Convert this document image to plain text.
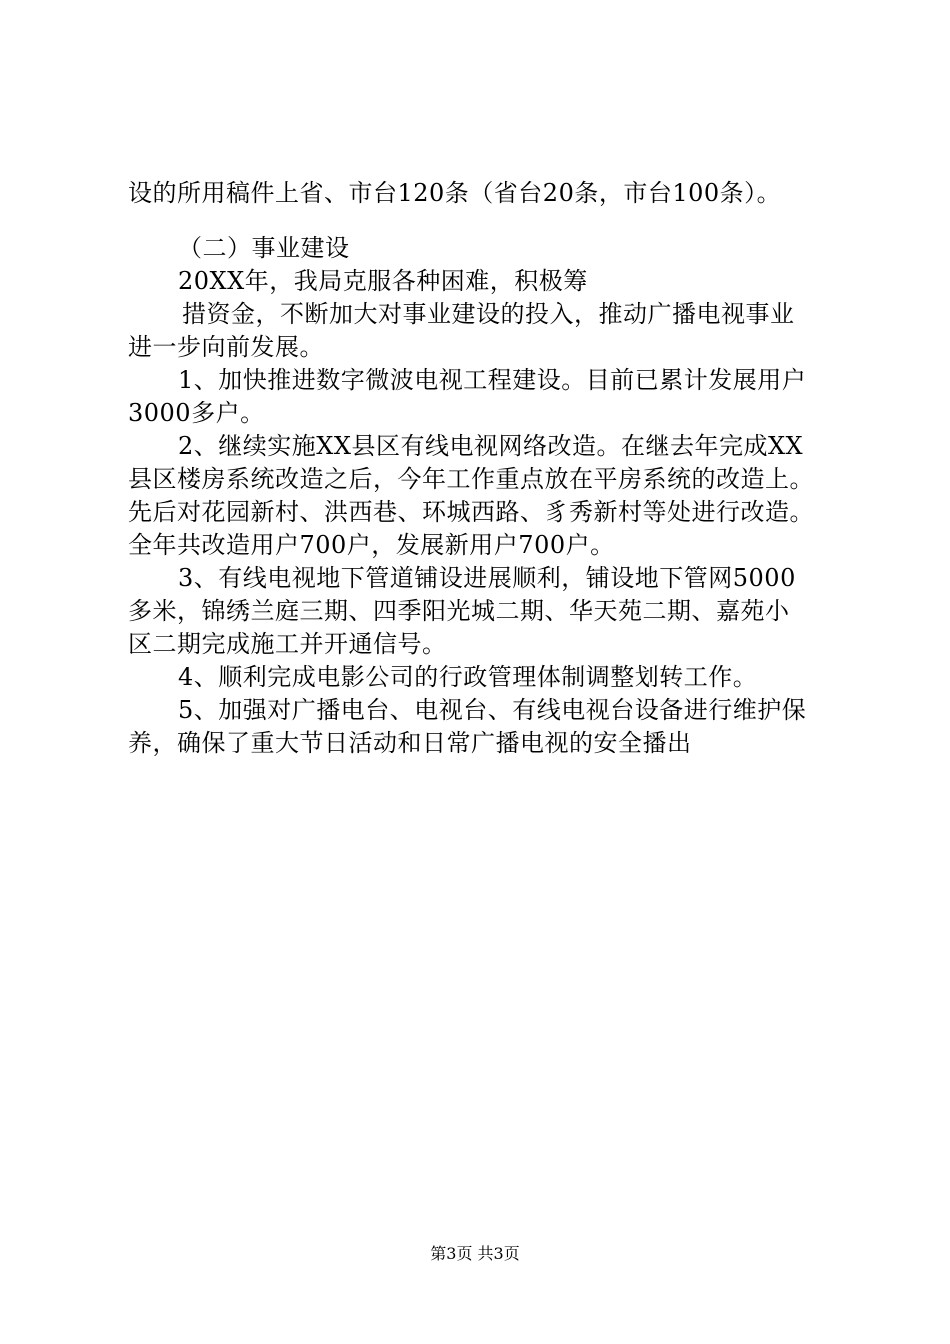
设的所用稿件上省、市台120条（省台20条，市台100条）。
（二）事业建设
20XX年，我局克服各种困难，积极筹
措资金，不断加大对事业建设的投入，推动广播电视事业
进一步向前发展。
1、加快推进数字微波电视工程建设。目前已累计发展用户
3000多户。
2、继续实施XX县区有线电视网络改造。在继去年完成XX
县区楼房系统改造之后，今年工作重点放在平房系统的改造上。
先后对花园新村、洪西巷、环城西路、豸秀新村等处进行改造。
全年共改造用户700户，发展新用户700户。
3、有线电视地下管道铺设进展顺利，铺设地下管网5000
多米，锦绣兰庭三期、四季阳光城二期、华天苑二期、嘉苑小
区二期完成施工并开通信号。
4、顺利完成电影公司的行政管理体制调整划转工作。
5、加强对广播电台、电视台、有线电视台设备进行维护保
养，确保了重大节日活动和日常广播电视的安全播出
第3页 共3页
